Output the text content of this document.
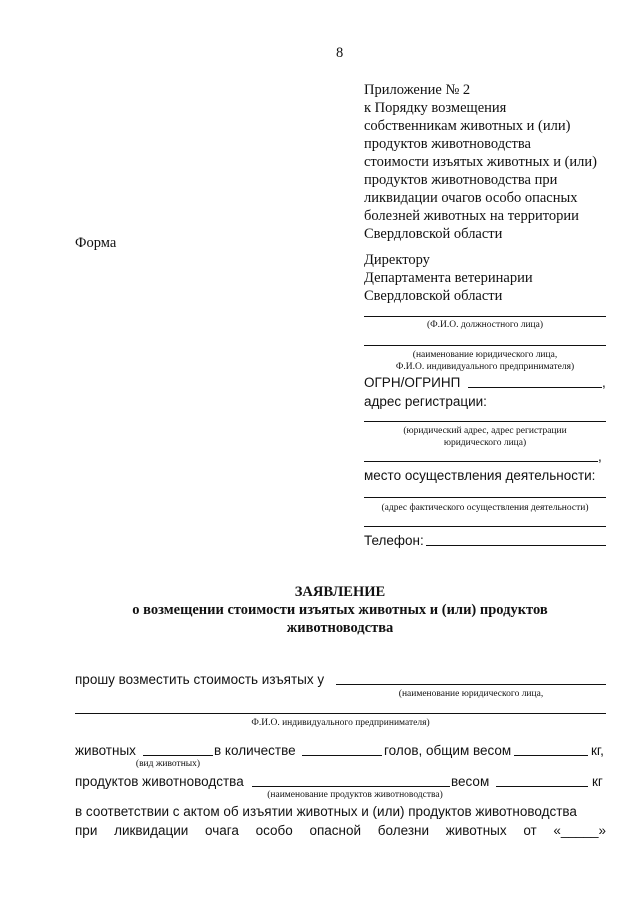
8
Приложение № 2
к Порядку возмещения
собственникам животных и (или)
продуктов животноводства
стоимости изъятых животных и (или)
продуктов животноводства при
ликвидации очагов особо опасных
болезней животных на территории
Свердловской области
Форма
Директору
Департамента ветеринарии
Свердловской области
(Ф.И.О. должностного лица)
(наименование юридического лица,
Ф.И.О. индивидуального предпринимателя)
ОГРН/ОГРИНП	,
адрес регистрации:
(юридический адрес, адрес регистрации
юридического лица)
,
место осуществления деятельности:
(адрес фактического осуществления деятельности)
Телефон:
ЗАЯВЛЕНИЕ
о возмещении стоимости изъятых животных и (или) продуктов
животноводства
прошу возместить стоимость изъятых у
(наименование юридического лица,
Ф.И.О. индивидуального предпринимателя)
животных	в количестве	голов, общим весом	кг,
(вид животных)
продуктов животноводства	весом	кг
(наименование продуктов животноводства)
в соответствии с актом об изъятии животных и (или) продуктов животноводства
при ликвидации очага особо опасной болезни животных от «_____»
